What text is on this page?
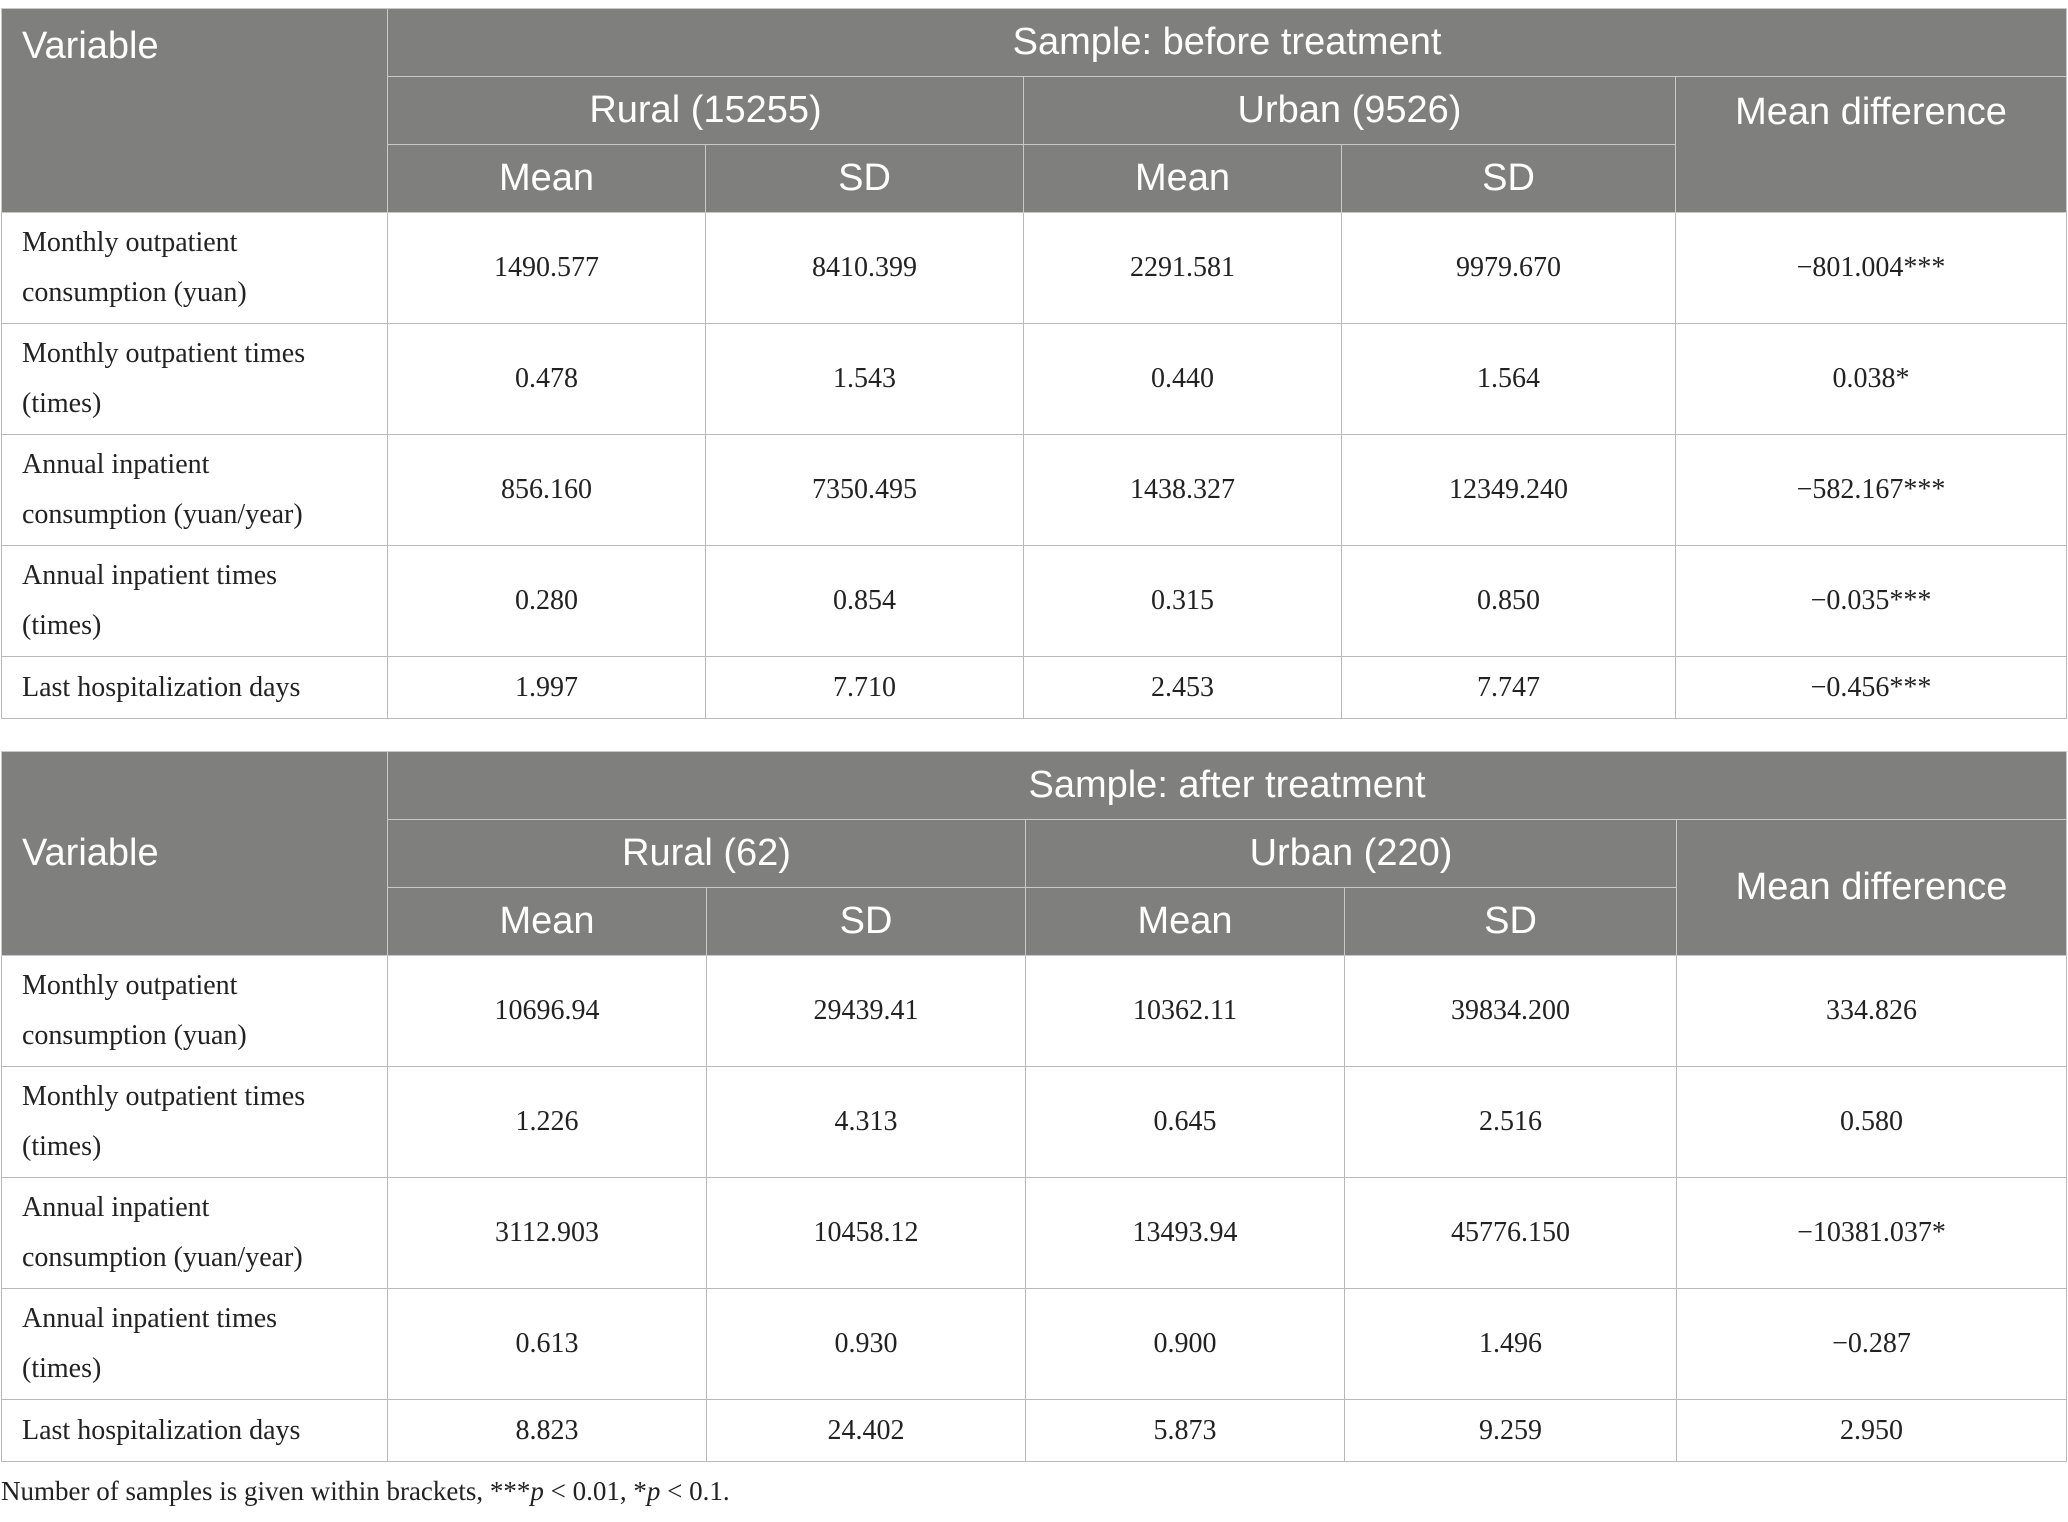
Variable	Sample: before treatment				
	Rural (15255)		Urban (9526)		Mean difference
	Mean	SD	Mean	SD	
Monthly outpatient
consumption (yuan)	1490.577	8410.399	2291.581	9979.670	−801.004***
Monthly outpatient times
(times)	0.478	1.543	0.440	1.564	0.038*
Annual inpatient
consumption (yuan/year)	856.160	7350.495	1438.327	12349.240	−582.167***
Annual inpatient times
(times)	0.280	0.854	0.315	0.850	−0.035***
Last hospitalization days	1.997	7.710	2.453	7.747	−0.456***
Variable	Sample: after treatment				
	Rural (62)		Urban (220)		Mean difference
	Mean	SD	Mean	SD	
Monthly outpatient
consumption (yuan)	10696.94	29439.41	10362.11	39834.200	334.826
Monthly outpatient times
(times)	1.226	4.313	0.645	2.516	0.580
Annual inpatient
consumption (yuan/year)	3112.903	10458.12	13493.94	45776.150	−10381.037*
Annual inpatient times
(times)	0.613	0.930	0.900	1.496	−0.287
Last hospitalization days	8.823	24.402	5.873	9.259	2.950
Number of samples is given within brackets, ***p < 0.01, *p < 0.1.
